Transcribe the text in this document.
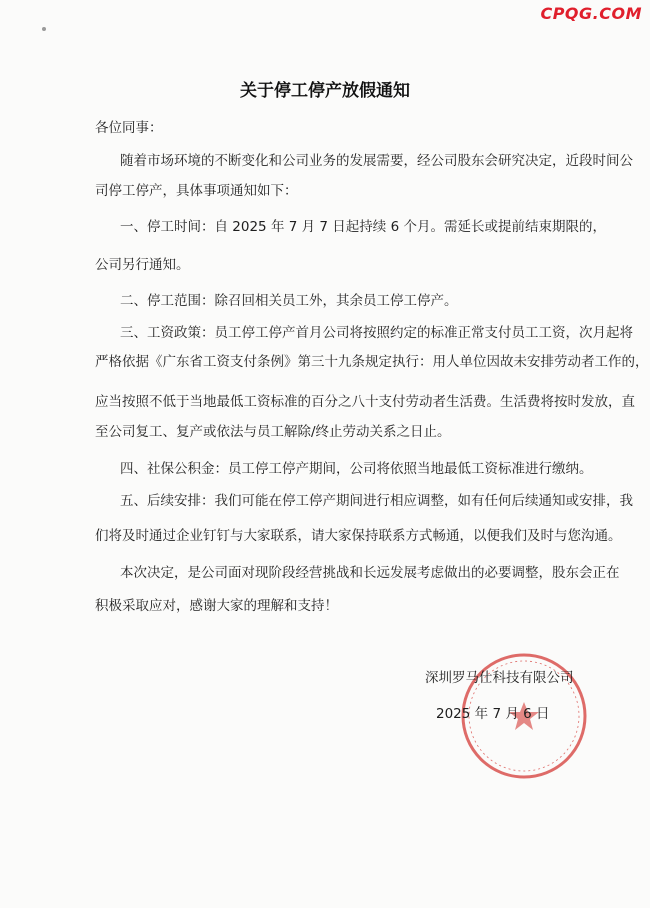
CPQG.COM
关于停工停产放假通知
各位同事：
随着市场环境的不断变化和公司业务的发展需要，经公司股东会研究决定，近段时间公
司停工停产，具体事项通知如下：
一、停工时间：自 2025 年 7 月 7 日起持续 6 个月。需延长或提前结束期限的，
公司另行通知。
二、停工范围：除召回相关员工外，其余员工停工停产。
三、工资政策：员工停工停产首月公司将按照约定的标准正常支付员工工资，次月起将
严格依据《广东省工资支付条例》第三十九条规定执行：用人单位因故未安排劳动者工作的，
应当按照不低于当地最低工资标准的百分之八十支付劳动者生活费。生活费将按时发放，直
至公司复工、复产或依法与员工解除/终止劳动关系之日止。
四、社保公积金：员工停工停产期间，公司将依照当地最低工资标准进行缴纳。
五、后续安排：我们可能在停工停产期间进行相应调整，如有任何后续通知或安排，我
们将及时通过企业钉钉与大家联系，请大家保持联系方式畅通，以便我们及时与您沟通。
本次决定，是公司面对现阶段经营挑战和长远发展考虑做出的必要调整，股东会正在
积极采取应对，感谢大家的理解和支持！
深圳罗马仕科技有限公司
2025 年 7 月 6 日
